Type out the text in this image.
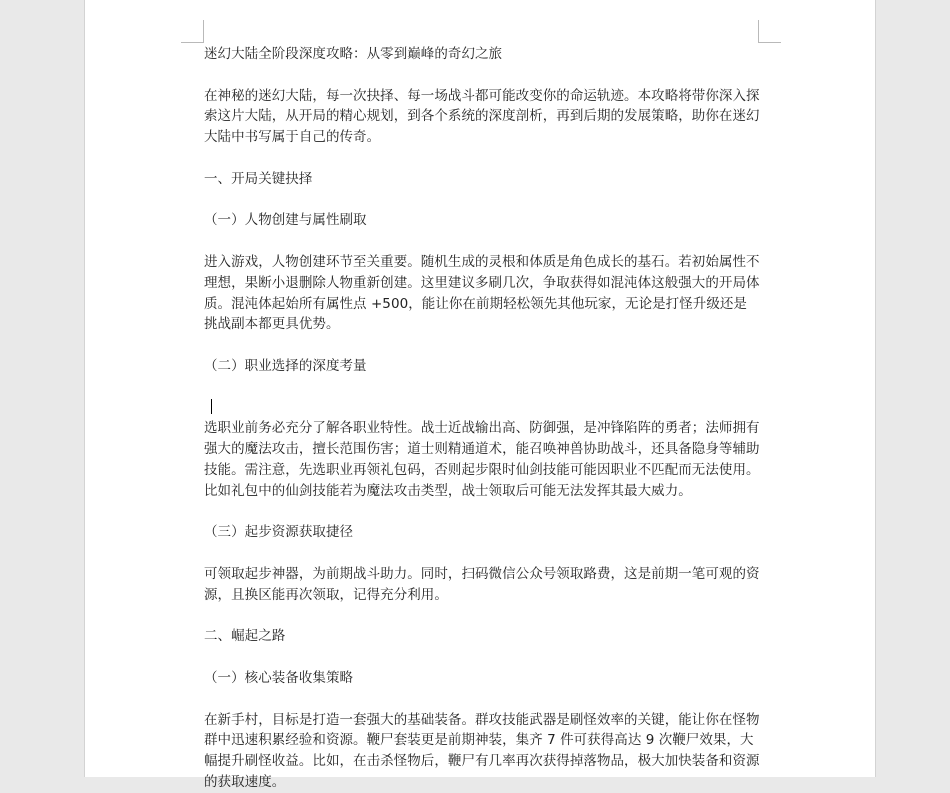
迷幻大陆全阶段深度攻略：从零到巅峰的奇幻之旅

在神秘的迷幻大陆，每一次抉择、每一场战斗都可能改变你的命运轨迹。本攻略将带你深入探索这片大陆，从开局的精心规划，到各个系统的深度剖析，再到后期的发展策略，助你在迷幻大陆中书写属于自己的传奇。

一、开局关键抉择

（一）人物创建与属性刷取

进入游戏，人物创建环节至关重要。随机生成的灵根和体质是角色成长的基石。若初始属性不理想，果断小退删除人物重新创建。这里建议多刷几次，争取获得如混沌体这般强大的开局体质。混沌体起始所有属性点 +500，能让你在前期轻松领先其他玩家，无论是打怪升级还是挑战副本都更具优势。

（二）职业选择的深度考量

选职业前务必充分了解各职业特性。战士近战输出高、防御强，是冲锋陷阵的勇者；法师拥有强大的魔法攻击，擅长范围伤害；道士则精通道术，能召唤神兽协助战斗，还具备隐身等辅助技能。需注意，先选职业再领礼包码，否则起步限时仙剑技能可能因职业不匹配而无法使用。比如礼包中的仙剑技能若为魔法攻击类型，战士领取后可能无法发挥其最大威力。

（三）起步资源获取捷径

可领取起步神器，为前期战斗助力。同时，扫码微信公众号领取路费，这是前期一笔可观的资源，且换区能再次领取，记得充分利用。

二、崛起之路

（一）核心装备收集策略

在新手村，目标是打造一套强大的基础装备。群攻技能武器是刷怪效率的关键，能让你在怪物群中迅速积累经验和资源。鞭尸套装更是前期神装，集齐 7 件可获得高达 9 次鞭尸效果，大幅提升刷怪收益。比如，在击杀怪物后，鞭尸有几率再次获得掉落物品，极大加快装备和资源的获取速度。
